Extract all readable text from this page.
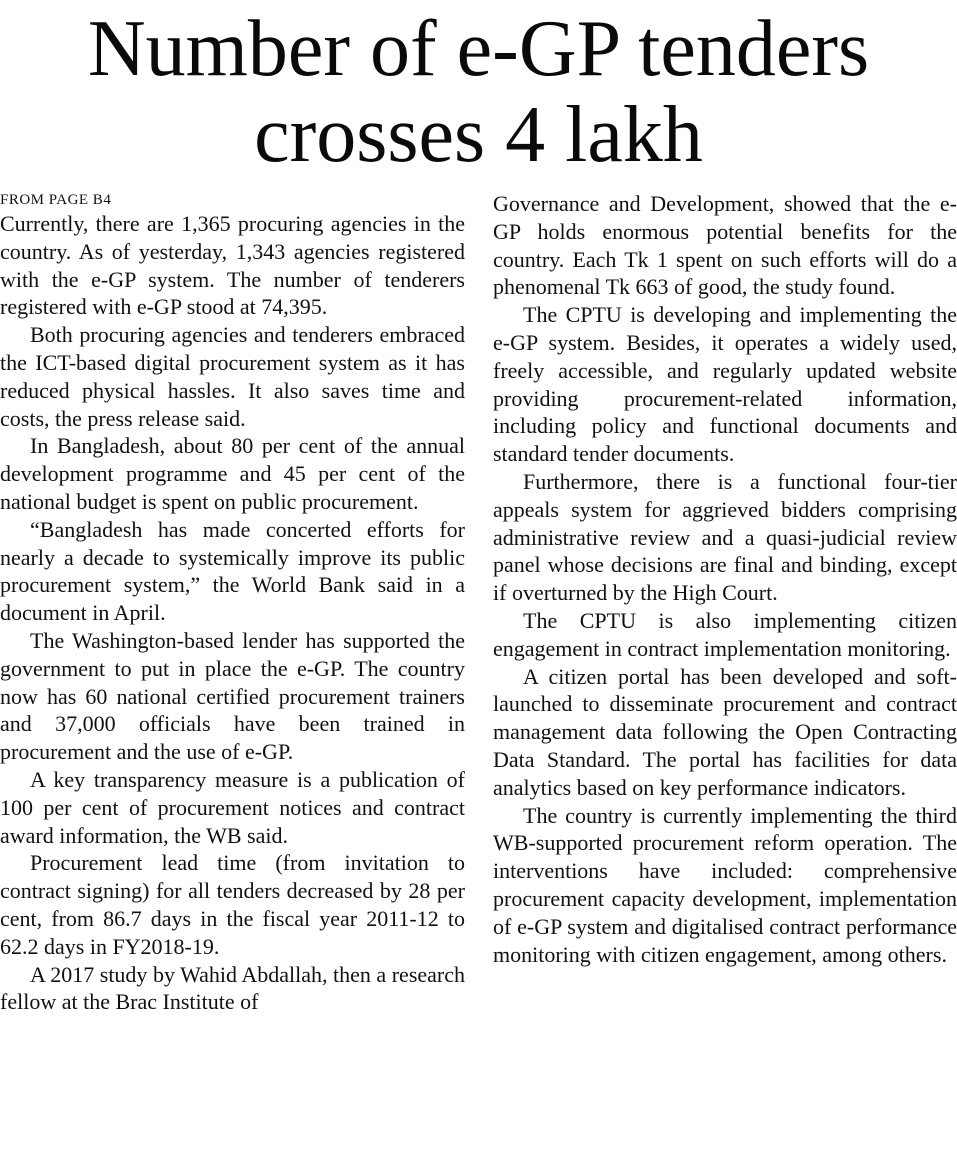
Number of e-GP tenders
crosses 4 lakh
FROM PAGE B4

Currently, there are 1,365 procuring agencies in the country. As of yesterday, 1,343 agencies registered with the e-GP system. The number of tenderers registered with e-GP stood at 74,395.

Both procuring agencies and tenderers embraced the ICT-based digital procurement system as it has reduced physical hassles. It also saves time and costs, the press release said.

In Bangladesh, about 80 per cent of the annual development programme and 45 per cent of the national budget is spent on public procurement.

“Bangladesh has made concerted efforts for nearly a decade to systemically improve its public procurement system,” the World Bank said in a document in April.

The Washington-based lender has supported the government to put in place the e-GP. The country now has 60 national certified procurement trainers and 37,000 officials have been trained in procurement and the use of e-GP.

A key transparency measure is a publication of 100 per cent of procurement notices and contract award information, the WB said.

Procurement lead time (from invitation to contract signing) for all tenders decreased by 28 per cent, from 86.7 days in the fiscal year 2011-12 to 62.2 days in FY2018-19.

A 2017 study by Wahid Abdallah, then a research fellow at the Brac Institute of

Governance and Development, showed that the e-GP holds enormous potential benefits for the country. Each Tk 1 spent on such efforts will do a phenomenal Tk 663 of good, the study found.

The CPTU is developing and implementing the e-GP system. Besides, it operates a widely used, freely accessible, and regularly updated website providing procurement-related information, including policy and functional documents and standard tender documents.

Furthermore, there is a functional four-tier appeals system for aggrieved bidders comprising administrative review and a quasi-judicial review panel whose decisions are final and binding, except if overturned by the High Court.

The CPTU is also implementing citizen engagement in contract implementation monitoring.

A citizen portal has been developed and soft-launched to disseminate procurement and contract management data following the Open Contracting Data Standard. The portal has facilities for data analytics based on key performance indicators.

The country is currently implementing the third WB-supported procurement reform operation. The interventions have included: comprehensive procurement capacity development, implementation of e-GP system and digitalised contract performance monitoring with citizen engagement, among others.
